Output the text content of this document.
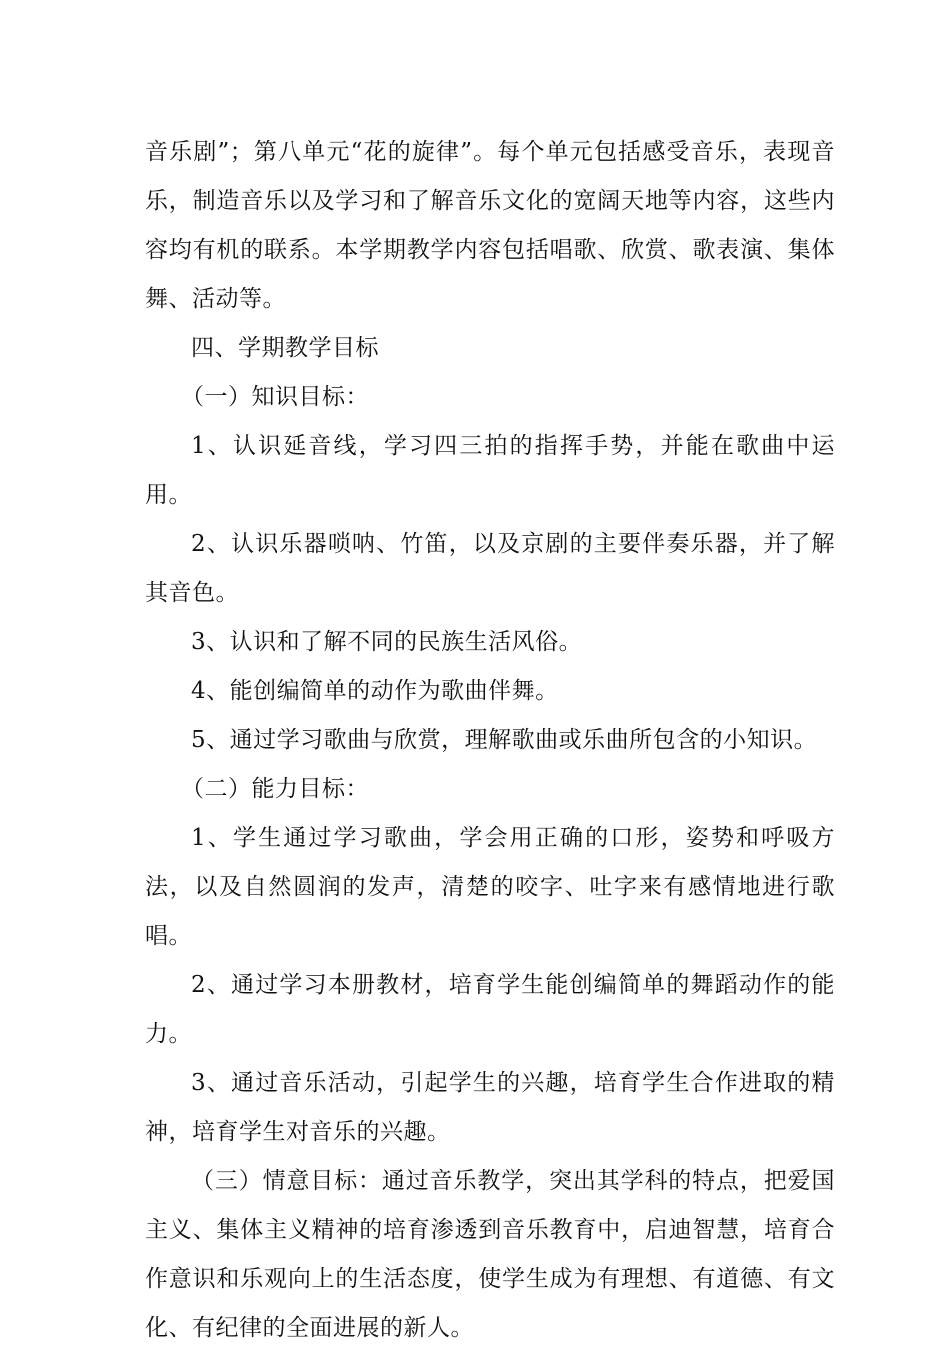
音乐剧”；第八单元“花的旋律”。每个单元包括感受音乐，表现音乐，制造音乐以及学习和了解音乐文化的宽阔天地等内容，这些内容均有机的联系。本学期教学内容包括唱歌、欣赏、歌表演、集体舞、活动等。

四、学期教学目标

（一）知识目标：

1、认识延音线，学习四三拍的指挥手势，并能在歌曲中运用。

2、认识乐器唢呐、竹笛，以及京剧的主要伴奏乐器，并了解其音色。

3、认识和了解不同的民族生活风俗。

4、能创编简单的动作为歌曲伴舞。

5、通过学习歌曲与欣赏，理解歌曲或乐曲所包含的小知识。

（二）能力目标：

1、学生通过学习歌曲，学会用正确的口形，姿势和呼吸方法，以及自然圆润的发声，清楚的咬字、吐字来有感情地进行歌唱。

2、通过学习本册教材，培育学生能创编简单的舞蹈动作的能力。

3、通过音乐活动，引起学生的兴趣，培育学生合作进取的精神，培育学生对音乐的兴趣。

（三）情意目标：通过音乐教学，突出其学科的特点，把爱国主义、集体主义精神的培育渗透到音乐教育中，启迪智慧，培育合作意识和乐观向上的生活态度，使学生成为有理想、有道德、有文化、有纪律的全面进展的新人。
